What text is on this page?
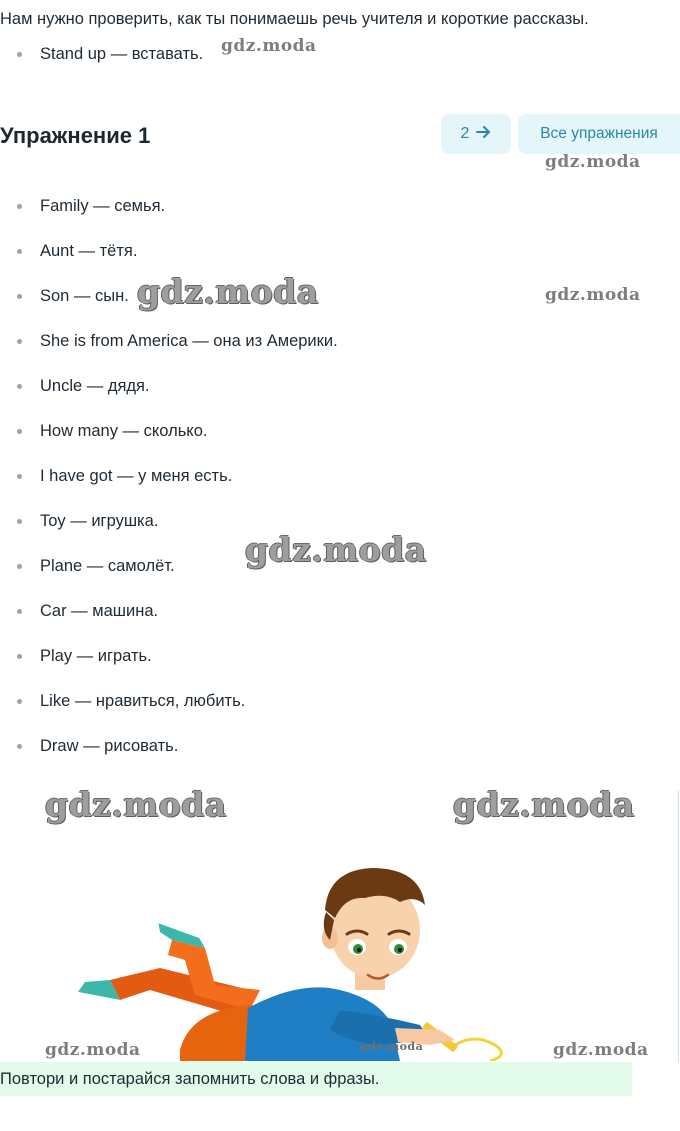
Нам нужно проверить, как ты понимаешь речь учителя и короткие рассказы.
Stand up — вставать.
Family — семья.
Aunt — тётя.
Son — сын.
She is from America — она из Америки.
Uncle — дядя.
How many — сколько.
I have got — у меня есть.
Toy — игрушка.
Plane — самолёт.
Car — машина.
Play — играть.
Like — нравиться, любить.
Draw — рисовать.
Упражнение 1	2	Все упражнения
gdz.moda
gdz.moda
gdz.moda	gdz.moda
gdz.moda
gdz.moda	gdz.moda
gdz.moda	gdz.moda	gdz.moda
Повтори и постарайся запомнить слова и фразы.
